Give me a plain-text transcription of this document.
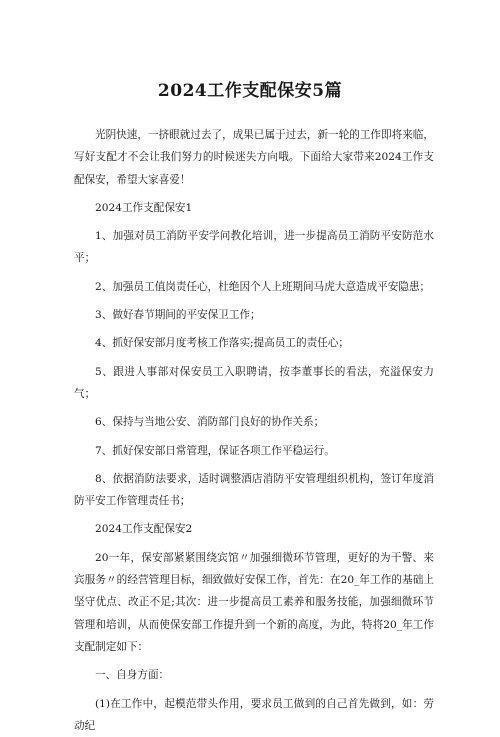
2024工作支配保安5篇

光阴快速，一挤眼就过去了，成果已属于过去，新一轮的工作即将来临，写好支配才不会让我们努力的时候迷失方向哦。下面给大家带来2024工作支配保安，希望大家喜爱！

2024工作支配保安1

1、加强对员工消防平安学问教化培训，进一步提高员工消防平安防范水平；

2、加强员工值岗责任心，杜绝因个人上班期间马虎大意造成平安隐患；

3、做好春节期间的平安保卫工作；

4、抓好保安部月度考核工作落实;提高员工的责任心；

5、跟进人事部对保安员工入职聘请，按李董事长的看法，充溢保安力气；

6、保持与当地公安、消防部门良好的协作关系；

7、抓好保安部日常管理，保证各项工作平稳运行。

8、依据消防法要求，适时调整酒店消防平安管理组织机构，签订年度消防平安工作管理责任书；

2024工作支配保安2

20一年，保安部紧紧围绕宾馆〃加强细微环节管理，更好的为干警、来宾服务〃的经营管理目标，细致做好安保工作，首先：在20_年工作的基础上坚守优点、改正不足;其次：进一步提高员工素养和服务技能，加强细微环节管理和培训，从而使保安部工作提升到一个新的高度，为此，特将20_年工作支配制定如下：

一、自身方面：

(1)在工作中，起模范带头作用，要求员工做到的自己首先做到，如：劳动纪
